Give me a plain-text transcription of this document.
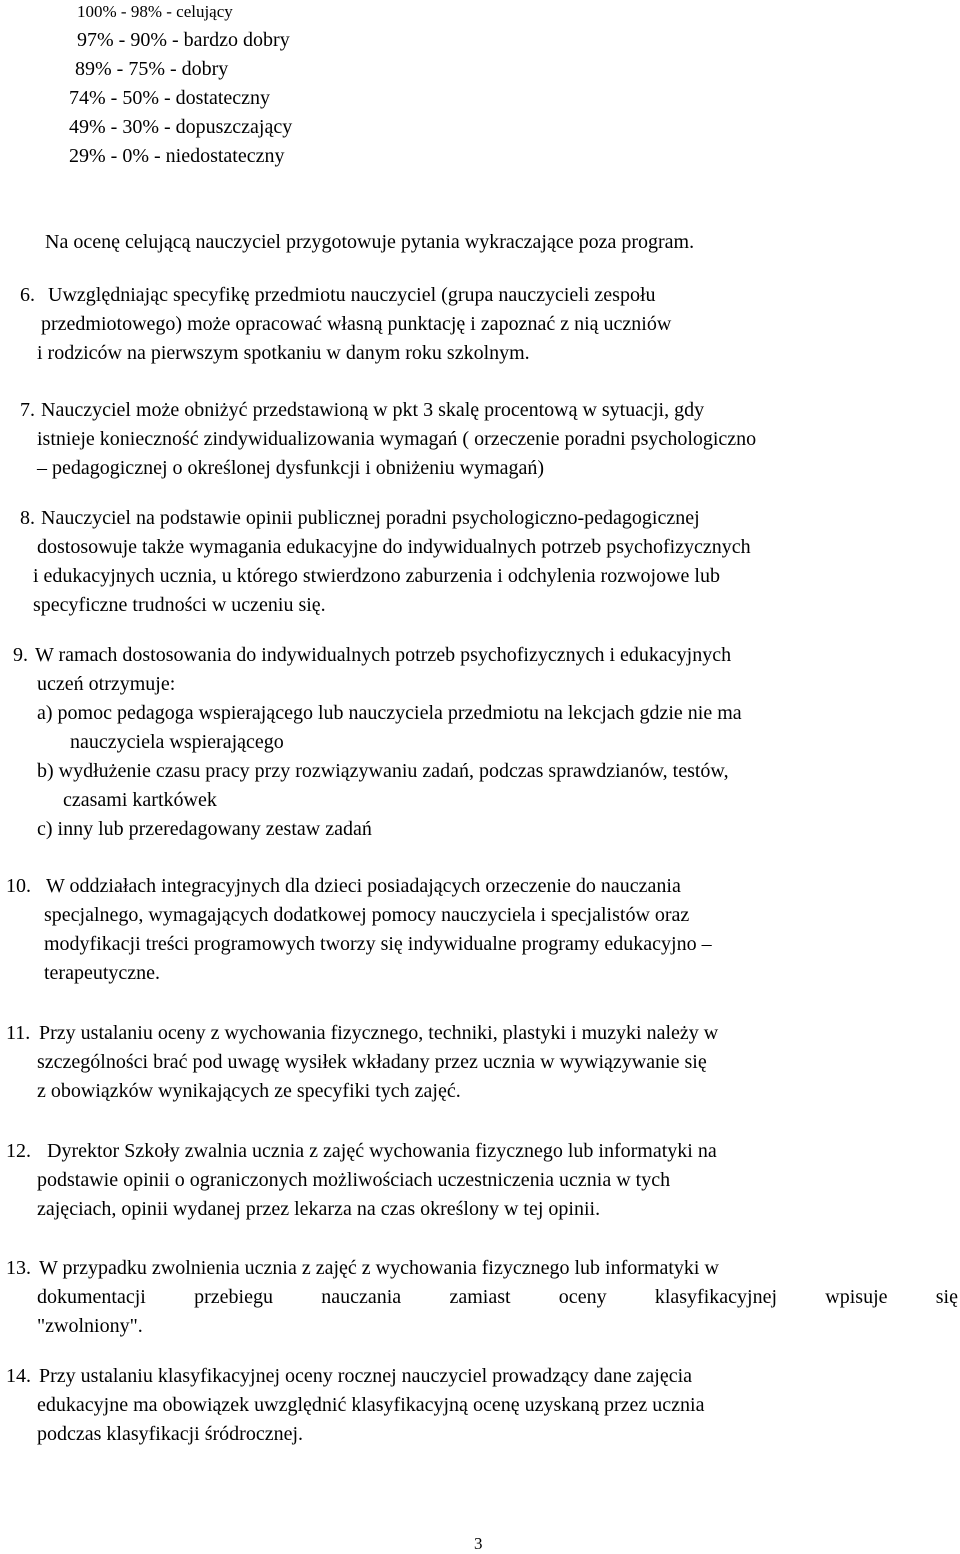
100% - 98% - celujący
97% - 90% - bardzo dobry
89% - 75% - dobry
74% - 50% - dostateczny
49% - 30% - dopuszczający
29% - 0% - niedostateczny
Na ocenę celującą nauczyciel przygotowuje pytania wykraczające poza program.
6. Uwzględniając specyfikę przedmiotu nauczyciel (grupa nauczycieli zespołu
przedmiotowego) może opracować własną punktację i zapoznać z nią uczniów
i rodziców na pierwszym spotkaniu w danym roku szkolnym.
7. Nauczyciel może obniżyć przedstawioną w pkt 3 skalę procentową w sytuacji, gdy
istnieje konieczność zindywidualizowania wymagań ( orzeczenie poradni psychologiczno
– pedagogicznej o określonej dysfunkcji i obniżeniu wymagań)
8. Nauczyciel na podstawie opinii publicznej poradni psychologiczno-pedagogicznej
dostosowuje także wymagania edukacyjne do indywidualnych potrzeb psychofizycznych
i edukacyjnych ucznia, u którego stwierdzono zaburzenia i odchylenia rozwojowe lub
specyficzne trudności w uczeniu się.
9. W ramach dostosowania do indywidualnych potrzeb psychofizycznych i edukacyjnych
uczeń otrzymuje:
a) pomoc pedagoga wspierającego lub nauczyciela przedmiotu na lekcjach gdzie nie ma
nauczyciela wspierającego
b) wydłużenie czasu pracy przy rozwiązywaniu zadań, podczas sprawdzianów, testów,
czasami kartkówek
c) inny lub przeredagowany zestaw zadań
10. W oddziałach integracyjnych dla dzieci posiadających orzeczenie do nauczania
specjalnego, wymagających dodatkowej pomocy nauczyciela i specjalistów oraz
modyfikacji treści programowych tworzy się indywidualne programy edukacyjno –
terapeutyczne.
11. Przy ustalaniu oceny z wychowania fizycznego, techniki, plastyki i muzyki należy w
szczególności brać pod uwagę wysiłek wkładany przez ucznia w wywiązywanie się
z obowiązków wynikających ze specyfiki tych zajęć.
12. Dyrektor Szkoły zwalnia ucznia z zajęć wychowania fizycznego lub informatyki na
podstawie opinii o ograniczonych możliwościach uczestniczenia ucznia w tych
zajęciach, opinii wydanej przez lekarza na czas określony w tej opinii.
13. W przypadku zwolnienia ucznia z zajęć z wychowania fizycznego lub informatyki w
dokumentacji przebiegu nauczania zamiast oceny klasyfikacyjnej wpisuje się
"zwolniony".
14. Przy ustalaniu klasyfikacyjnej oceny rocznej nauczyciel prowadzący dane zajęcia
edukacyjne ma obowiązek uwzględnić klasyfikacyjną ocenę uzyskaną przez ucznia
podczas klasyfikacji śródrocznej.
3
